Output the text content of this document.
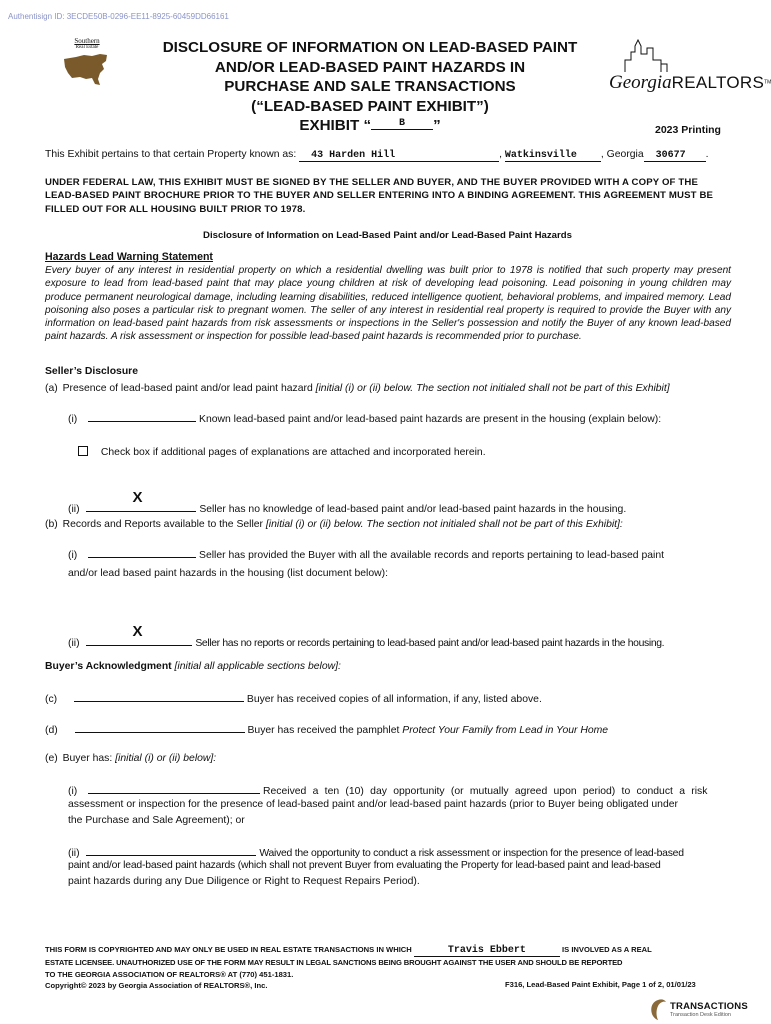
Authentisign ID: 3ECDE50B-0296-EE11-8925-60459DD66161
Southern
Real Estate	DISCLOSURE OF INFORMATION ON LEAD-BASED PAINT
AND/OR LEAD-BASED PAINT HAZARDS IN
PURCHASE AND SALE TRANSACTIONS
(“LEAD-BASED PAINT EXHIBIT”)
EXHIBIT “	B ”
GeorgiaREALTORS™
2023 Printing
This Exhibit pertains to that certain Property known as: 43 Harden Hill	, Watkinsville , Georgia 30677 .
UNDER FEDERAL LAW, THIS EXHIBIT MUST BE SIGNED BY THE SELLER AND BUYER, AND THE BUYER PROVIDED WITH A COPY OF THE LEAD-BASED PAINT BROCHURE PRIOR TO THE BUYER AND SELLER ENTERING INTO A BINDING AGREEMENT. THIS AGREEMENT MUST BE FILLED OUT FOR ALL HOUSING BUILT PRIOR TO 1978.
Disclosure of Information on Lead-Based Paint and/or Lead-Based Paint Hazards
Hazards Lead Warning Statement
Every buyer of any interest in residential property on which a residential dwelling was built prior to 1978 is notified that such property may present exposure to lead from lead-based paint that may place young children at risk of developing lead poisoning. Lead poisoning in young children may produce permanent neurological damage, including learning disabilities, reduced intelligence quotient, behavioral problems, and impaired memory. Lead poisoning also poses a particular risk to pregnant women. The seller of any interest in residential real property is required to provide the Buyer with any information on lead-based paint hazards from risk assessments or inspections in the Seller's possession and notify the Buyer of any known lead-based paint hazards. A risk assessment or inspection for possible lead-based paint hazards is recommended prior to purchase.
Seller’s Disclosure
(a) Presence of lead-based paint and/or lead paint hazard [initial (i) or (ii) below. The section not initialed shall not be part of this Exhibit]
(i)	Known lead-based paint and/or lead-based paint hazards are present in the housing (explain below):
Check box if additional pages of explanations are attached and incorporated herein.
(ii)
X
Seller has no knowledge of lead-based paint and/or lead-based paint hazards in the housing.
(b) Records and Reports available to the Seller [initial (i) or (ii) below. The section not initialed shall not be part of this Exhibit]:
(i)	Seller has provided the Buyer with all the available records and reports pertaining to lead-based paint
and/or lead based paint hazards in the housing (list document below):
(ii)
X
Seller has no reports or records pertaining to lead-based paint and/or lead-based paint hazards in the housing.
Buyer’s Acknowledgment [initial all applicable sections below]:
(c)	Buyer has received copies of all information, if any, listed above.
(d)	Buyer has received the pamphlet Protect Your Family from Lead in Your Home
(e) Buyer has: [initial (i) or (ii) below]:
(i)	Received a ten (10) day opportunity (or mutually agreed upon period) to conduct a risk
assessment or inspection for the presence of lead-based paint and/or lead-based paint hazards (prior to Buyer being obligated under
the Purchase and Sale Agreement); or
(ii)	Waived the opportunity to conduct a risk assessment or inspection for the presence of lead-based
paint and/or lead-based paint hazards (which shall not prevent Buyer from evaluating the Property for lead-based paint and lead-based
paint hazards during any Due Diligence or Right to Request Repairs Period).
THIS FORM IS COPYRIGHTED AND MAY ONLY BE USED IN REAL ESTATE TRANSACTIONS IN WHICH	Travis Ebbert	IS INVOLVED AS A REAL
ESTATE LICENSEE. UNAUTHORIZED USE OF THE FORM MAY RESULT IN LEGAL SANCTIONS BEING BROUGHT AGAINST THE USER AND SHOULD BE REPORTED
TO THE GEORGIA ASSOCIATION OF REALTORS® AT (770) 451-1831.
Copyright© 2023 by Georgia Association of REALTORS®, Inc.	F316, Lead-Based Paint Exhibit, Page 1 of 2, 01/01/23
TRANSACTIONS
Transaction Desk Edition
